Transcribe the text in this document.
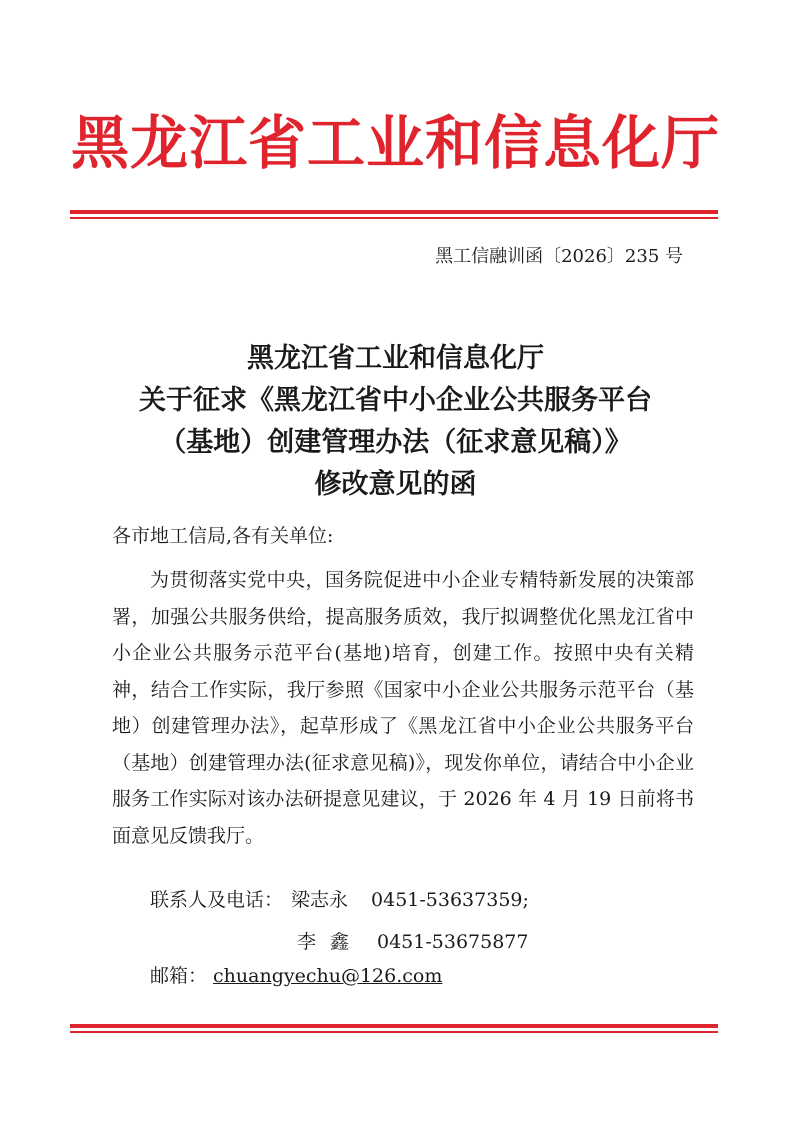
黑龙江省工业和信息化厅
黑工信融训函〔2026〕235 号
黑龙江省工业和信息化厅
关于征求《黑龙江省中小企业公共服务平台
（基地）创建管理办法（征求意见稿）》
修改意见的函
各市地工信局,各有关单位:

为贯彻落实党中央，国务院促进中小企业专精特新发展的决策部署，加强公共服务供给，提高服务质效，我厅拟调整优化黑龙江省中小企业公共服务示范平台(基地)培育，创建工作。按照中央有关精神，结合工作实际，我厅参照《国家中小企业公共服务示范平台（基地）创建管理办法》，起草形成了《黑龙江省中小企业公共服务平台（基地）创建管理办法(征求意见稿)》，现发你单位，请结合中小企业服务工作实际对该办法研提意见建议，于 2026 年 4 月 19 日前将书面意见反馈我厅。

联系人及电话： 梁志永 0451-53637359;
李鑫 0451-53675877
邮箱： chuangyechu@126.com
